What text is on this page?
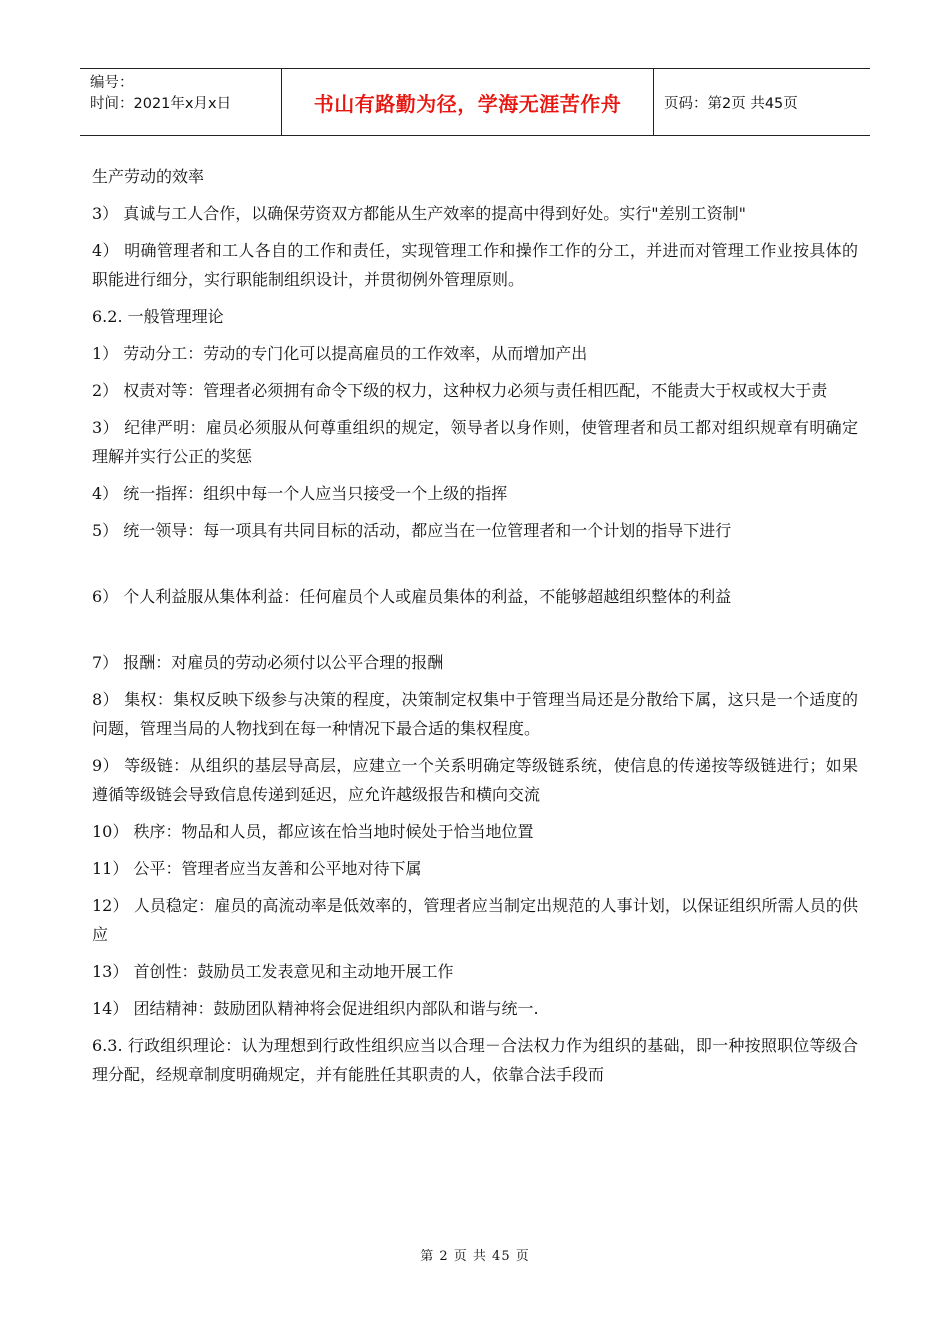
编号：
时间：2021年x月x日	书山有路勤为径，学海无涯苦作舟	页码：第2页 共45页

生产劳动的效率

3） 真诚与工人合作，以确保劳资双方都能从生产效率的提高中得到好处。实行"差别工资制"

4） 明确管理者和工人各自的工作和责任，实现管理工作和操作工作的分工，并进而对管理工作业按具体的职能进行细分，实行职能制组织设计，并贯彻例外管理原则。

6.2. 一般管理理论

1） 劳动分工：劳动的专门化可以提高雇员的工作效率，从而增加产出

2） 权责对等：管理者必须拥有命令下级的权力，这种权力必须与责任相匹配，不能责大于权或权大于责

3） 纪律严明：雇员必须服从何尊重组织的规定，领导者以身作则，使管理者和员工都对组织规章有明确定理解并实行公正的奖惩

4） 统一指挥：组织中每一个人应当只接受一个上级的指挥

5） 统一领导：每一项具有共同目标的活动，都应当在一位管理者和一个计划的指导下进行

6） 个人利益服从集体利益：任何雇员个人或雇员集体的利益，不能够超越组织整体的利益

7） 报酬：对雇员的劳动必须付以公平合理的报酬

8） 集权：集权反映下级参与决策的程度，决策制定权集中于管理当局还是分散给下属，这只是一个适度的问题，管理当局的人物找到在每一种情况下最合适的集权程度。

9） 等级链：从组织的基层导高层，应建立一个关系明确定等级链系统，使信息的传递按等级链进行；如果遵循等级链会导致信息传递到延迟，应允许越级报告和横向交流

10） 秩序：物品和人员，都应该在恰当地时候处于恰当地位置

11） 公平：管理者应当友善和公平地对待下属

12） 人员稳定：雇员的高流动率是低效率的，管理者应当制定出规范的人事计划，以保证组织所需人员的供应

13） 首创性：鼓励员工发表意见和主动地开展工作

14） 团结精神：鼓励团队精神将会促进组织内部队和谐与统一.

6.3. 行政组织理论：认为理想到行政性组织应当以合理－合法权力作为组织的基础，即一种按照职位等级合理分配，经规章制度明确规定，并有能胜任其职责的人，依靠合法手段而

第 2 页 共 45 页
